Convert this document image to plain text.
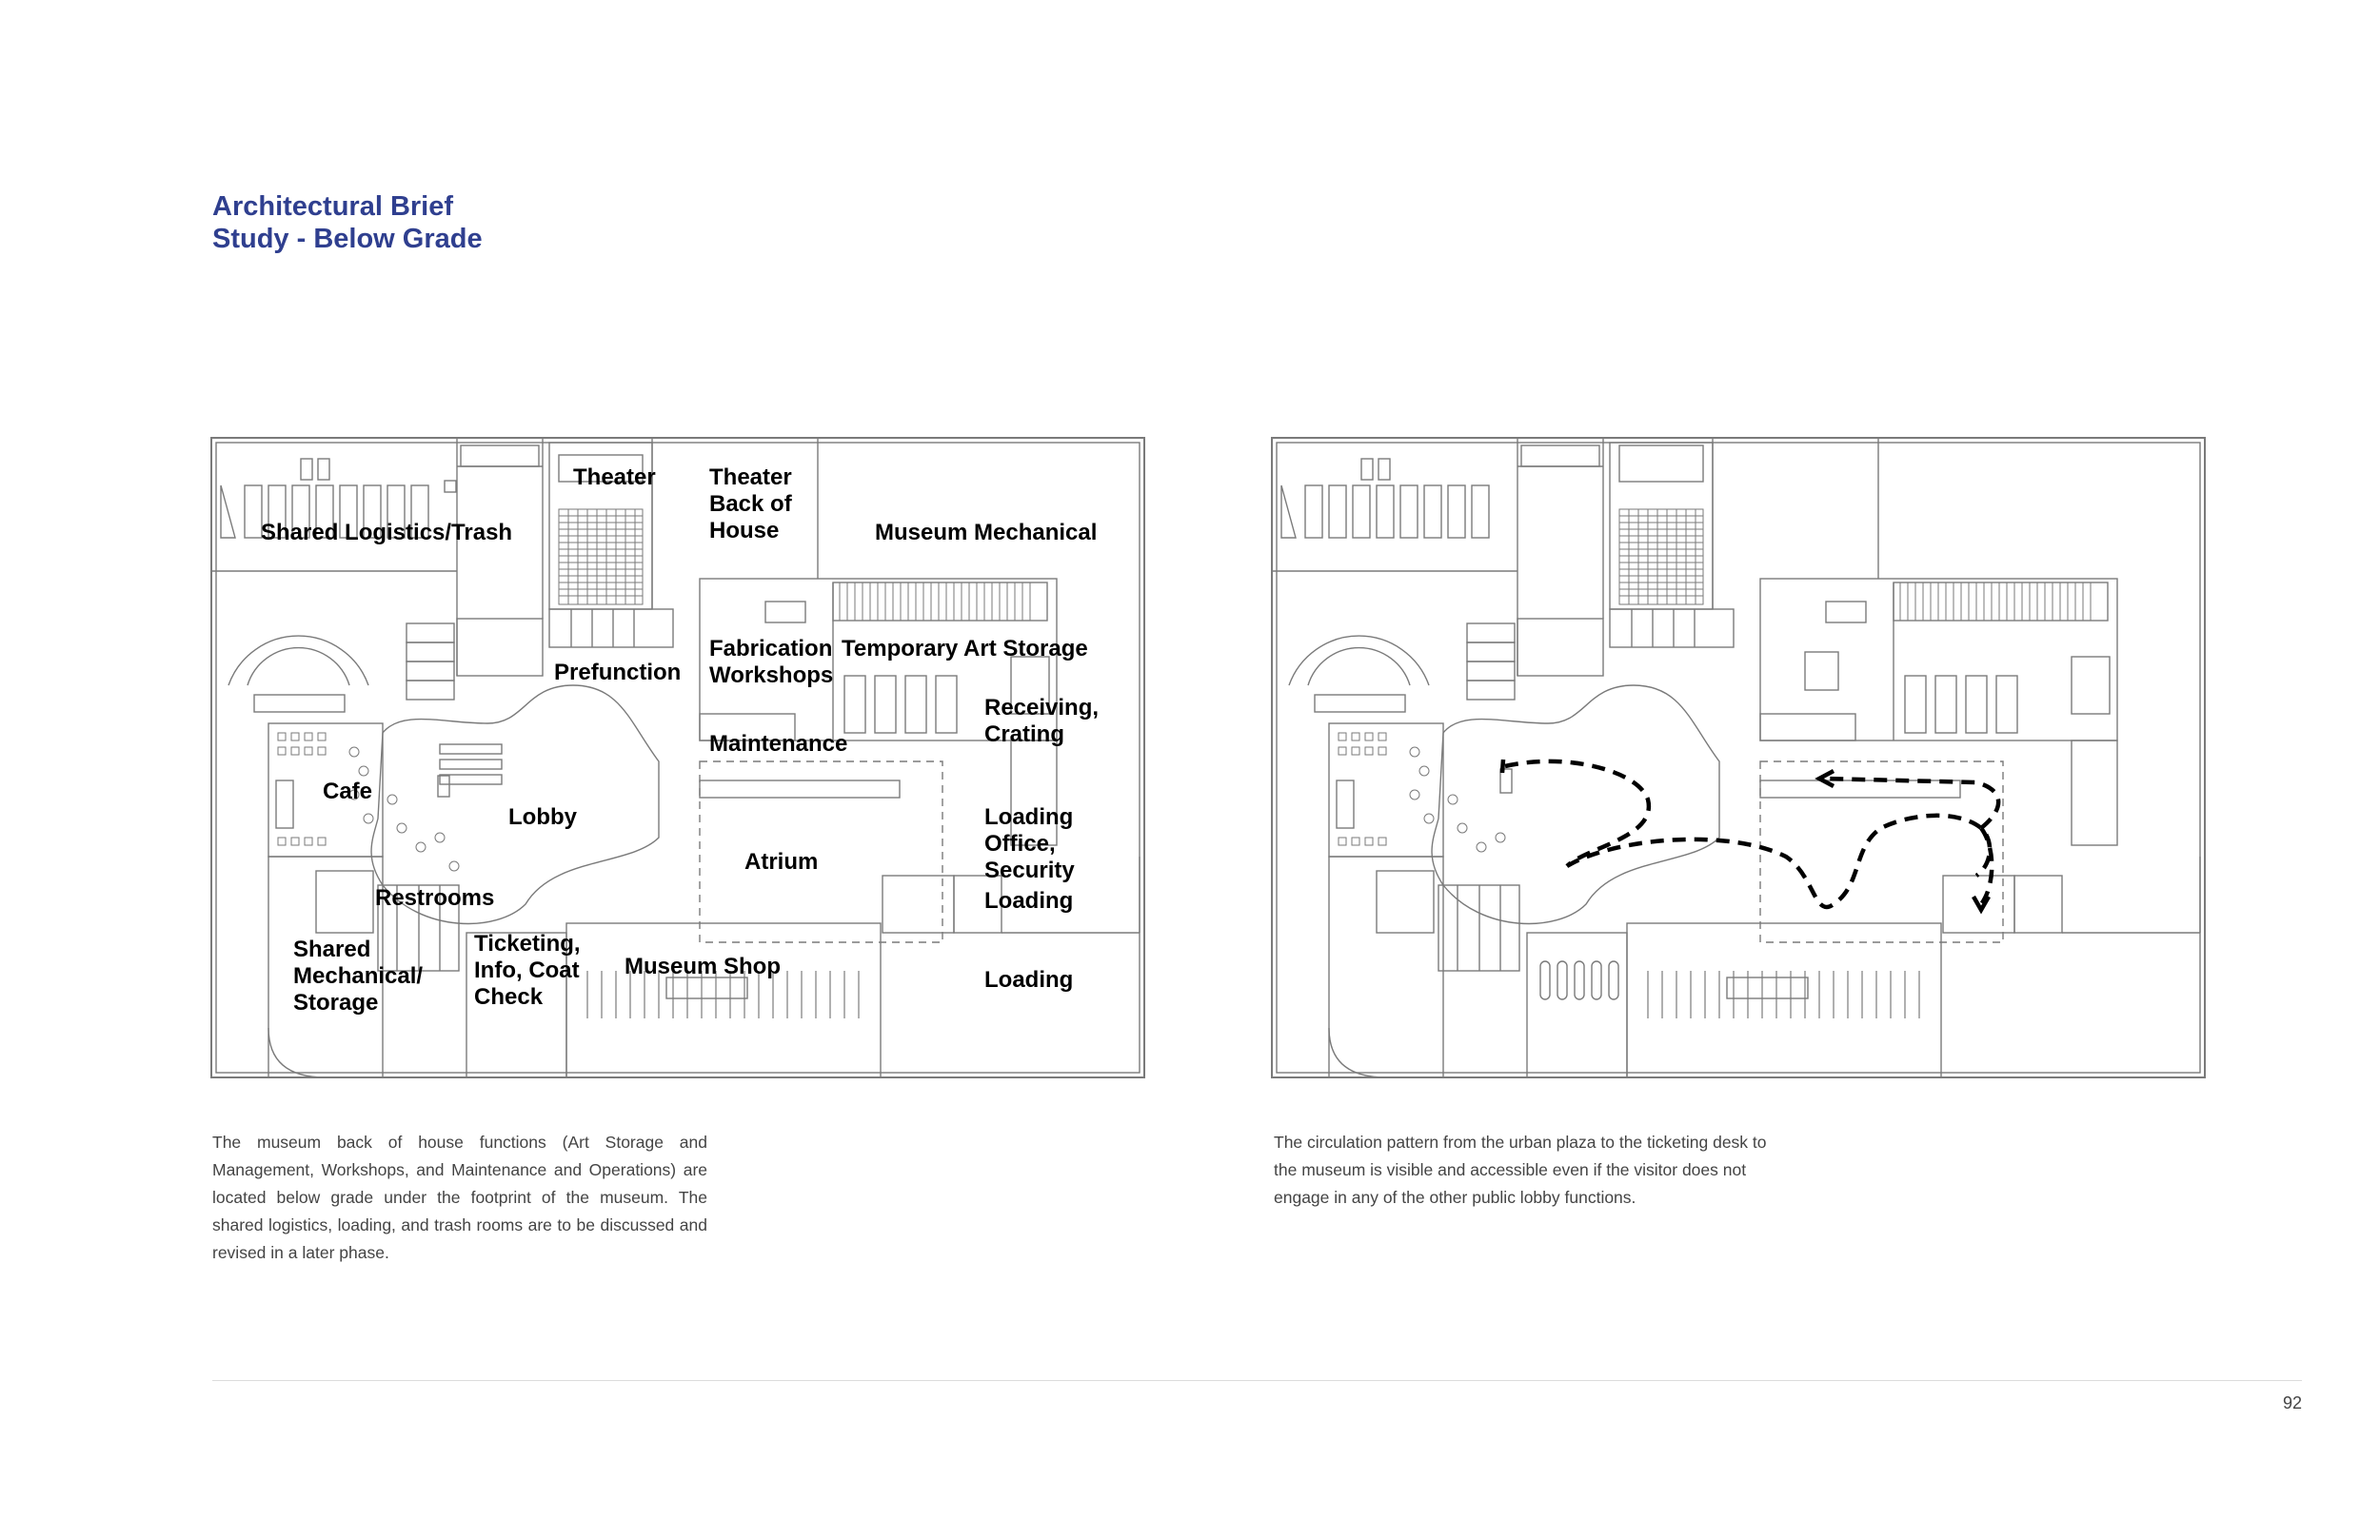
Architectural Brief
Study - Below Grade
Shared Logistics/Trash
Theater Theater
Back of
House	Museum Mechanical
Fabrication
Workshops
Temporary Art Storage
Prefunction
Receiving, Crating
Maintenance
Cafe
Lobby	Loading Office, Security
Atrium
Restrooms	Loading
Shared
Mechanical/
Storage
Ticketing,
Info, Coat
Check
Museum Shop
Loading
The museum back of house functions (Art Storage and Management, Workshops, and Maintenance and Operations) are located below grade under the footprint of the museum. The shared logistics, loading, and trash rooms are to be discussed and revised in a later phase.
The circulation pattern from the urban plaza to the ticketing desk to the museum is visible and accessible even if the visitor does not engage in any of the other public lobby functions.
92
